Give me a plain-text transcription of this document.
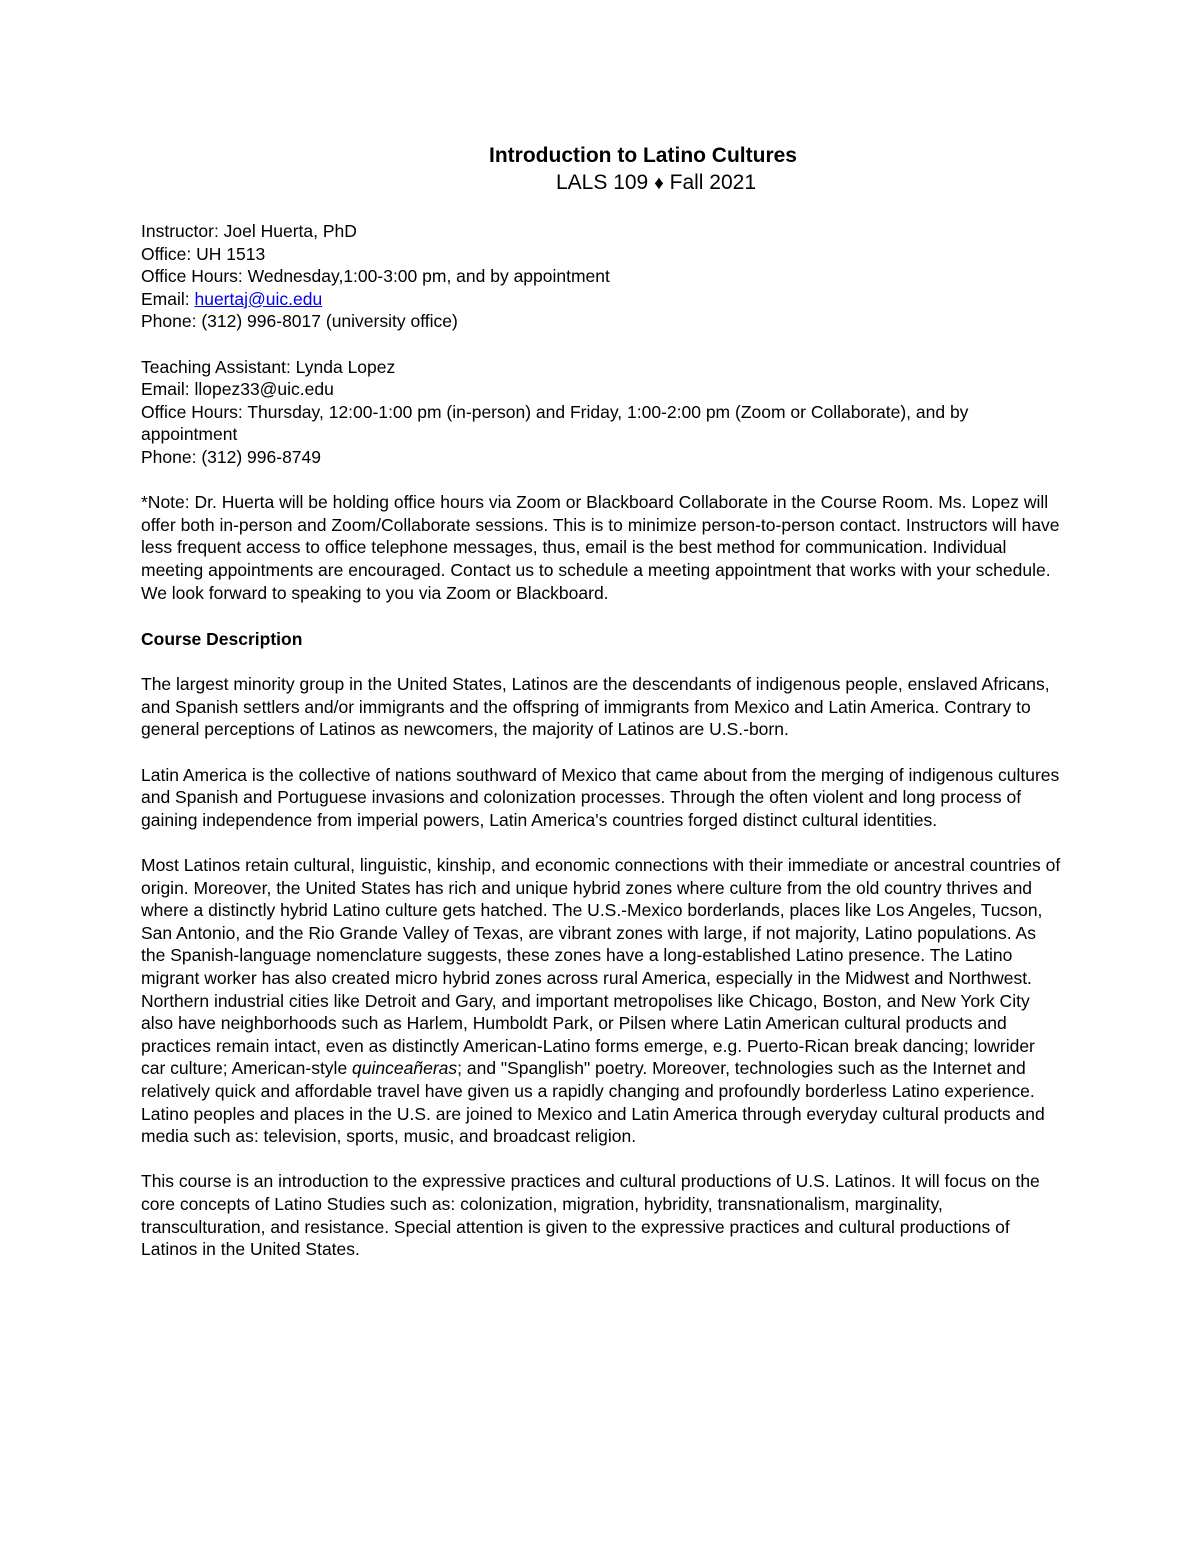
Introduction to Latino Cultures

LALS 109 ♦ Fall 2021

Instructor: Joel Huerta, PhD
Office: UH 1513
Office Hours: Wednesday,1:00-3:00 pm, and by appointment
Email: huertaj@uic.edu
Phone: (312) 996-8017 (university office)
Teaching Assistant: Lynda Lopez
Email: llopez33@uic.edu
Office Hours: Thursday, 12:00-1:00 pm (in-person) and Friday, 1:00-2:00 pm (Zoom or Collaborate), and by appointment
Phone: (312) 996-8749

*Note: Dr. Huerta will be holding office hours via Zoom or Blackboard Collaborate in the Course Room. Ms. Lopez will offer both in-person and Zoom/Collaborate sessions. This is to minimize person-to-person contact. Instructors will have less frequent access to office telephone messages, thus, email is the best method for communication. Individual meeting appointments are encouraged. Contact us to schedule a meeting appointment that works with your schedule. We look forward to speaking to you via Zoom or Blackboard.

Course Description

The largest minority group in the United States, Latinos are the descendants of indigenous people, enslaved Africans, and Spanish settlers and/or immigrants and the offspring of immigrants from Mexico and Latin America. Contrary to general perceptions of Latinos as newcomers, the majority of Latinos are U.S.-born.

Latin America is the collective of nations southward of Mexico that came about from the merging of indigenous cultures and Spanish and Portuguese invasions and colonization processes. Through the often violent and long process of gaining independence from imperial powers, Latin America's countries forged distinct cultural identities.

Most Latinos retain cultural, linguistic, kinship, and economic connections with their immediate or ancestral countries of origin. Moreover, the United States has rich and unique hybrid zones where culture from the old country thrives and where a distinctly hybrid Latino culture gets hatched. The U.S.-Mexico borderlands, places like Los Angeles, Tucson, San Antonio, and the Rio Grande Valley of Texas, are vibrant zones with large, if not majority, Latino populations. As the Spanish-language nomenclature suggests, these zones have a long-established Latino presence. The Latino migrant worker has also created micro hybrid zones across rural America, especially in the Midwest and Northwest. Northern industrial cities like Detroit and Gary, and important metropolises like Chicago, Boston, and New York City also have neighborhoods such as Harlem, Humboldt Park, or Pilsen where Latin American cultural products and practices remain intact, even as distinctly American-Latino forms emerge, e.g. Puerto-Rican break dancing; lowrider car culture; American-style quinceañeras; and "Spanglish" poetry. Moreover, technologies such as the Internet and relatively quick and affordable travel have given us a rapidly changing and profoundly borderless Latino experience. Latino peoples and places in the U.S. are joined to Mexico and Latin America through everyday cultural products and media such as: television, sports, music, and broadcast religion.

This course is an introduction to the expressive practices and cultural productions of U.S. Latinos. It will focus on the core concepts of Latino Studies such as: colonization, migration, hybridity, transnationalism, marginality, transculturation, and resistance. Special attention is given to the expressive practices and cultural productions of Latinos in the United States.
